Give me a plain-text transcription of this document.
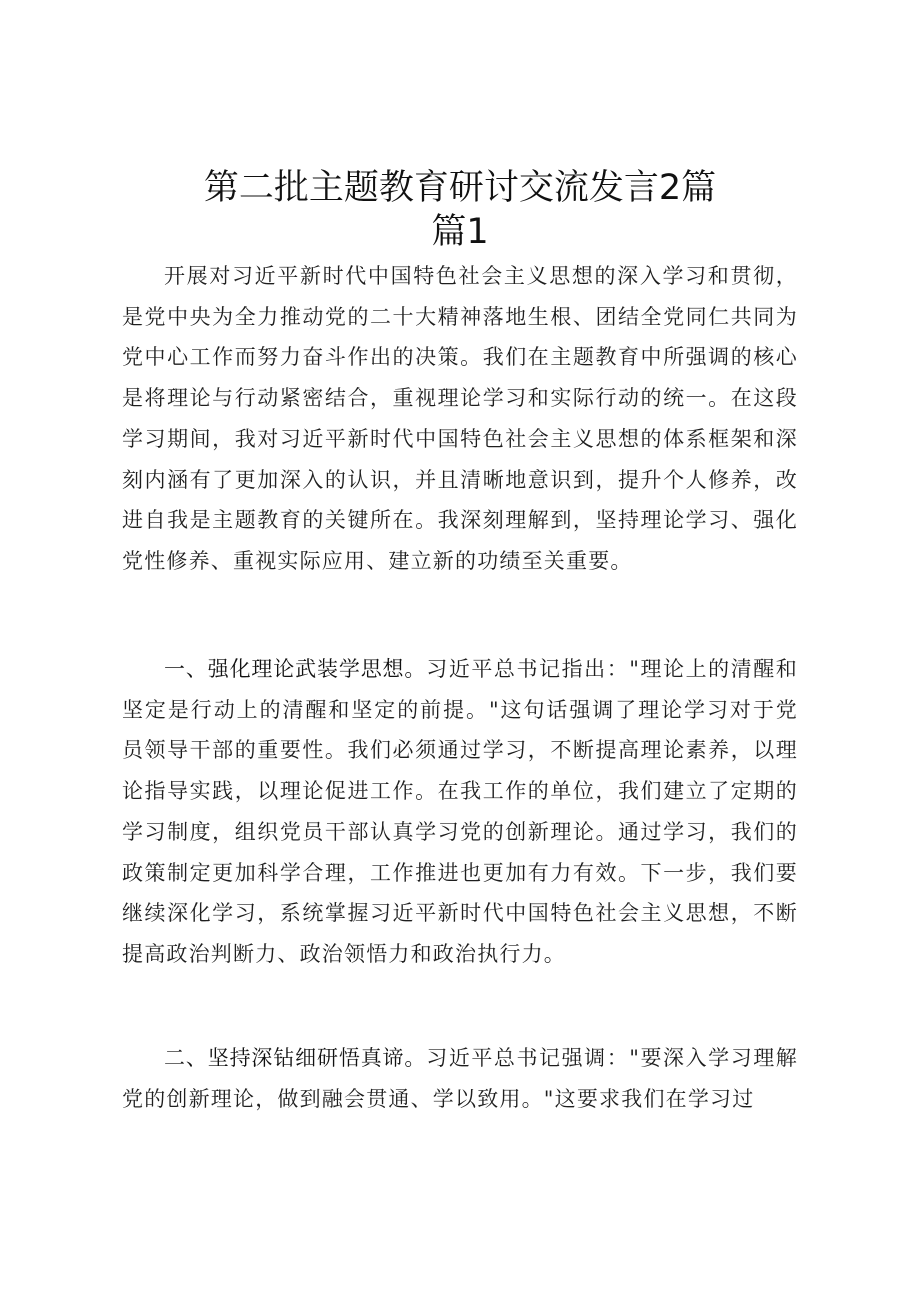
第二批主题教育研讨交流发言2篇
篇1

开展对习近平新时代中国特色社会主义思想的深入学习和贯彻，是党中央为全力推动党的二十大精神落地生根、团结全党同仁共同为党中心工作而努力奋斗作出的决策。我们在主题教育中所强调的核心是将理论与行动紧密结合，重视理论学习和实际行动的统一。在这段学习期间，我对习近平新时代中国特色社会主义思想的体系框架和深刻内涵有了更加深入的认识，并且清晰地意识到，提升个人修养，改进自我是主题教育的关键所在。我深刻理解到，坚持理论学习、强化党性修养、重视实际应用、建立新的功绩至关重要。

一、强化理论武装学思想。习近平总书记指出："理论上的清醒和坚定是行动上的清醒和坚定的前提。"这句话强调了理论学习对于党员领导干部的重要性。我们必须通过学习，不断提高理论素养，以理论指导实践，以理论促进工作。在我工作的单位，我们建立了定期的学习制度，组织党员干部认真学习党的创新理论。通过学习，我们的政策制定更加科学合理，工作推进也更加有力有效。下一步，我们要继续深化学习，系统掌握习近平新时代中国特色社会主义思想，不断提高政治判断力、政治领悟力和政治执行力。

二、坚持深钻细研悟真谛。习近平总书记强调："要深入学习理解党的创新理论，做到融会贯通、学以致用。"这要求我们在学习过
